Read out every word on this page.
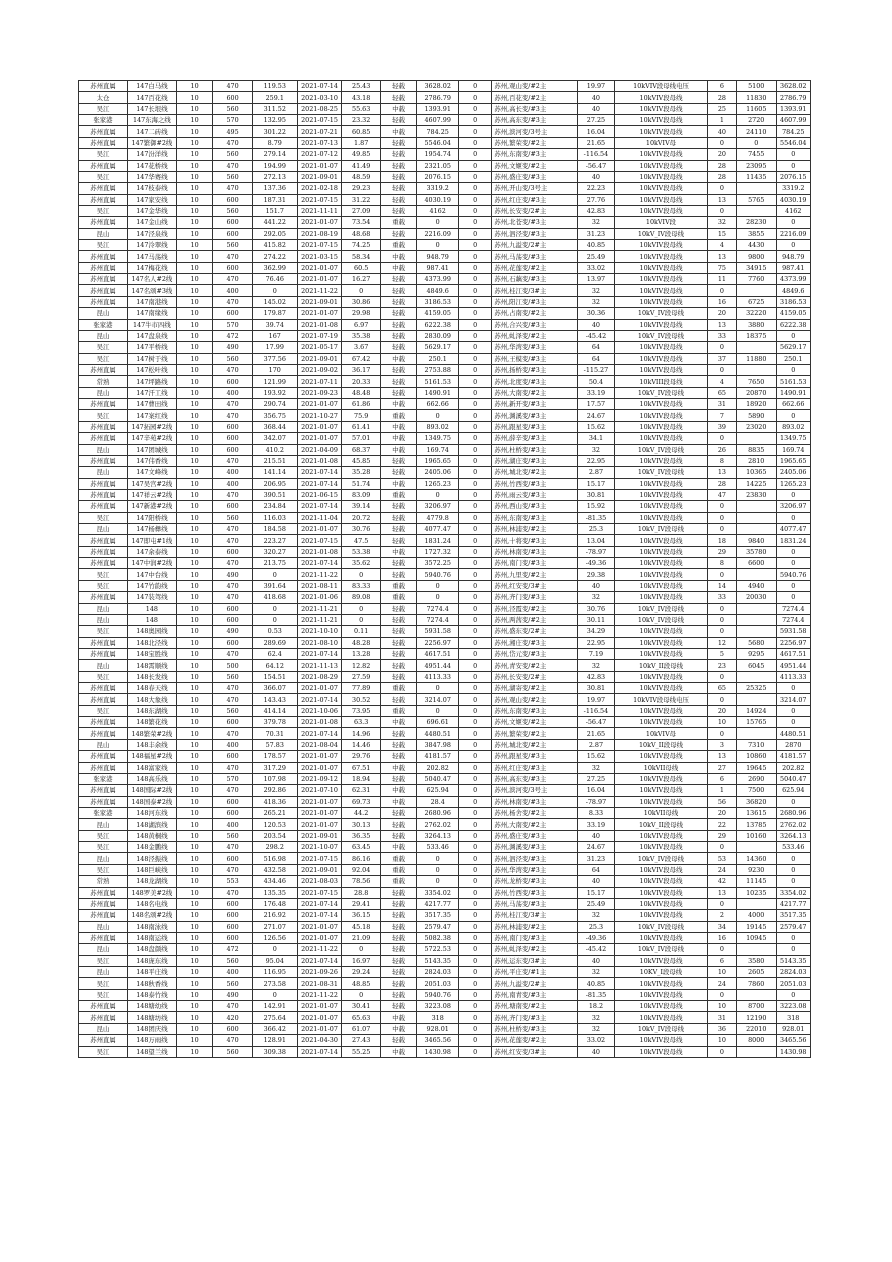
苏州直属	147白马线	10	470	119.53	2021-07-14	25.43	轻载	3628.02	0	苏州,观山变/#2主	19.97	10kVIV段母线电压	6	5100	3628.02
太仓	147百花线	10	600	259.1	2021-03-10	43.18	轻载	2786.79	0	苏州,百花变/#2主	40	10kVIV段母线	28	11830	2786.79
吴江	147长垠线	10	560	311.52	2021-08-25	55.63	中载	1393.91	0	苏州,高长变/#3主	40	10kVIV段母线	25	11605	1393.91
张家港	147东海之线	10	570	132.95	2021-07-15	23.32	轻载	4607.99	0	苏州,高东变/#3主	27.25	10kVIV段母线	1	2720	4607.99
苏州直属	147二砖线	10	495	301.22	2021-07-21	60.85	中载	784.25	0	苏州,滨河变/3号主	16.04	10kVIV段母线	40	24110	784.25
苏州直属	147繁御#2线	10	470	8.79	2021-07-13	1.87	轻载	5546.04	0	苏州,繁荣变/#2主	21.65	10kVIV母	0	0	5546.04
吴江	147汾洋线	10	560	279.14	2021-07-12	49.85	轻载	1954.74	0	苏州,东南变/#3主	-116.54	10kVIV段母线	20	7455	0
苏州直属	147花桥线	10	470	194.99	2021-01-07	41.49	轻载	2321.05	0	苏州,文姬变/#2主	-56.47	10kVIV段母线	28	23095	0
吴江	147华赛线	10	560	272.13	2021-09-01	48.59	轻载	2076.15	0	苏州,盛庄变/#3主	40	10kVIV段母线	28	11435	2076.15
苏州直属	147枝泰线	10	470	137.36	2021-02-18	29.23	轻载	3319.2	0	苏州,开山变/3号主	22.23	10kVIV段母线	0		3319.2
苏州直属	147家安线	10	600	187.31	2021-07-15	31.22	轻载	4030.19	0	苏州,红庄变/#3主	27.76	10kVIV段母线	13	5765	4030.19
吴江	147金华线	10	560	151.7	2021-11-11	27.09	轻载	4162	0	苏州,长安变/2#主	42.83	10kVIV段母线	0		4162
苏州直属	147金山线	10	600	441.22	2021-01-07	73.54	重载	0	0	苏州,北苍变/#3主	32	10kVIV段	32	28230	0
昆山	147泾泉线	10	600	292.05	2021-08-19	48.68	轻载	2216.09	0	苏州,泗泾变/#3主	31.23	10kV_IV段母线	15	3855	2216.09
吴江	147泠翠线	10	560	415.82	2021-07-15	74.25	重载	0	0	苏州,九溢变/2#主	40.85	10kVIV段母线	4	4430	0
苏州直属	147马荡线	10	470	274.22	2021-03-15	58.34	中载	948.79	0	苏州,马荡变/#3主	25.49	10kVIV段母线	13	9800	948.79
苏州直属	147梅花线	10	600	362.99	2021-01-07	60.5	中载	987.41	0	苏州,花莲变/#2主	33.02	10kVIV段母线	75	34915	987.41
苏州直属	147名人#2线	10	470	76.46	2021-01-07	16.27	轻载	4373.99	0	苏州,石藕变/#3主	13.97	10kVIV段母线	11	7760	4373.99
苏州直属	147名颂#3线	10	400	0	2021-11-22	0	轻载	4849.6	0	苏州,桂江变/3#主	32	10kVIV段母线	0		4849.6
苏州直属	147南港线	10	470	145.02	2021-09-01	30.86	轻载	3186.53	0	苏州,阳江变/#3主	32	10kVIV段母线	16	6725	3186.53
昆山	147南缘线	10	600	179.87	2021-01-07	29.98	轻载	4159.05	0	苏州,占南变/#2主	30.36	10kV_IV段母线	20	32220	4159.05
张家港	147牛市四线	10	570	39.74	2021-01-08	6.97	轻载	6222.38	0	苏州,合兴变/#3主	40	10kVIV段母线	13	3880	6222.38
昆山	147盘泉线	10	472	167	2021-07-19	35.38	轻载	2830.09	0	苏州,虬泽变/#2主	-45.42	10kV_IV段母线	33	18375	0
吴江	147平桥线	10	490	17.99	2021-05-17	3.67	轻载	5629.17	0	苏州,华湾变/#3主	64	10kVIV段母线	0		5629.17
吴江	147树于线	10	560	377.56	2021-09-01	67.42	中载	250.1	0	苏州,王模变/#3主	64	10kVIV段母线	37	11880	250.1
苏州直属	147松叶线	10	470	170	2021-09-02	36.17	轻载	2753.88	0	苏州,扬桥变/#3主	-115.27	10kVIV段母线	0		0
常熟	147坪路线	10	600	121.99	2021-07-11	20.33	轻载	5161.53	0	苏州,北度变/#3主	50.4	10kVIII段母线	4	7650	5161.53
昆山	147汗工线	10	400	193.92	2021-09-23	48.48	轻载	1490.91	0	苏州,大南变/#2主	33.19	10kV_IV段母线	65	20870	1490.91
苏州直属	147曹田线	10	470	290.74	2021-01-07	61.86	中载	662.66	0	苏州,新开变/#3主	17.57	10kVIV段母线	31	18920	662.66
吴江	147案红线	10	470	356.75	2021-10-27	75.9	重载	0	0	苏州,渊溪变/#3主	24.67	10kVIV段母线	7	5890	0
苏州直属	147拓园#2线	10	600	368.44	2021-01-07	61.41	中载	893.02	0	苏州,跟星变/#3主	15.62	10kVIV段母线	39	23020	893.02
苏州直属	147辛苑#2线	10	600	342.07	2021-01-07	57.01	中载	1349.75	0	苏州,薛辛变/#3主	34.1	10kVIV段母线	0		1349.75
昆山	147团城线	10	600	410.2	2021-04-09	68.37	中载	169.74	0	苏州,杜桥变/#3主	32	10kV_IV段母线	26	8835	169.74
苏州直属	147伟香线	10	470	215.51	2021-01-08	45.85	轻载	1965.65	0	苏州,湖庄变/#3主	22.95	10kVIV段母线	8	2810	1965.65
昆山	147文峰线	10	400	141.14	2021-07-14	35.28	轻载	2405.06	0	苏州,城北变/#2主	2.87	10kV_IV段母线	13	10365	2405.06
苏州直属	147吴宫#2线	10	400	206.95	2021-07-14	51.74	中载	1265.23	0	苏州,竹西变/#3主	15.17	10kVIV段母线	28	14225	1265.23
苏州直属	147祥云#2线	10	470	390.51	2021-06-15	83.09	重载	0	0	苏州,雨云变/#3主	30.81	10kVIV段母线	47	23830	0
苏州直属	147新港#2线	10	600	234.84	2021-07-14	39.14	轻载	3206.97	0	苏州,西山变/#3主	15.92	10kVIV段母线	0		3206.97
吴江	147阳桥线	10	560	116.03	2021-11-04	20.72	轻载	4779.8	0	苏州,东南变/#3主	-81.35	10kVIV段母线	0		0
昆山	147杨彝线	10	470	184.58	2021-01-07	30.76	轻载	4077.47	0	苏州,林浦变/#2主	25.3	10kV_IV段母线	0		4077.47
苏州直属	147即屯#1线	10	470	223.27	2021-07-15	47.5	轻载	1831.24	0	苏州,十将变/#3主	13.04	10kVIV段母线	18	9840	1831.24
苏州直属	147余泰线	10	600	320.27	2021-01-08	53.38	中载	1727.32	0	苏州,林南变/#3主	-78.97	10kVIV段母线	29	35780	0
苏州直属	147中润#2线	10	470	213.75	2021-07-14	35.62	轻载	3572.25	0	苏州,南门变/#3主	-49.36	10kVIV段母线	8	6600	0
吴江	147中台线	10	490	0	2021-11-22	0	轻载	5940.76	0	苏州,九里变/#2主	29.38	10kVIV段母线	0		5940.76
吴江	147竹韵线	10	470	391.64	2021-08-11	83.33	重载	0	0	苏州,红安变/3#主	40	10kVIV段母线	14	4940	0
苏州直属	147装驾线	10	470	418.68	2021-01-06	89.08	重载	0	0	苏州,齐门变/#3主	32	10kVIV段母线	33	20030	0
昆山	148	10	600	0	2021-11-21	0	轻载	7274.4	0	苏州,泾霞变/#2主	30.76	10kV_IV段母线	0		7274.4
昆山	148	10	600	0	2021-11-21	0	轻载	7274.4	0	苏州,两茜变/#2主	30.11	10kV_IV段母线	0		7274.4
吴江	148奥园线	10	490	0.53	2021-10-10	0.11	轻载	5931.58	0	苏州,盛东变/2#主	34.29	10kVIV段母线	0		5931.58
苏州直属	148北泾线	10	600	289.69	2021-08-10	48.28	轻载	2256.97	0	苏州,湘庄变/#3主	22.95	10kVIV段母线	12	5680	2256.97
苏州直属	148宝胜线	10	470	62.4	2021-07-14	13.28	轻载	4617.51	0	苏州,岱元变/#3主	7.19	10kVIV段母线	5	9295	4617.51
昆山	148霄顺线	10	500	64.12	2021-11-13	12.82	轻载	4951.44	0	苏州,青安变/#2主	32	10kV_II段母线	23	6045	4951.44
吴江	148长发线	10	560	154.51	2021-08-29	27.59	轻载	4113.33	0	苏州,长安变/2#主	42.83	10kVIV段母线	0		4113.33
苏州直属	148春天线	10	470	366.07	2021-01-07	77.89	重载	0	0	苏州,湖寄变/#2主	30.81	10kVIV段母线	65	25325	0
苏州直属	148大象线	10	470	143.43	2021-07-14	30.52	轻载	3214.07	0	苏州,观山变/#2主	19.97	10kVIV段母线电压	0		3214.07
吴江	148东湖线	10	560	414.14	2021-10-06	73.95	重载	0	0	苏州,东南变/#3主	-116.54	10kVIV段母线	20	14924	0
苏州直属	148繁花线	10	600	379.78	2021-01-08	63.3	中载	696.61	0	苏州,文姬变/#2主	-56.47	10kVIV段母线	10	15765	0
苏州直属	148繁荣#2线	10	470	70.31	2021-07-14	14.96	轻载	4480.51	0	苏州,繁荣变/#2主	21.65	10kVIV母	0		4480.51
昆山	148丰余线	10	400	57.83	2021-08-04	14.46	轻载	3847.98	0	苏州,城北变/#2主	2.87	10kV_II段母线	3	7310	2870
苏州直属	148福星#2线	10	600	178.57	2021-01-07	29.76	轻载	4181.57	0	苏州,跟星变/#3主	15.62	10kVIV段母线	13	10860	4181.57
苏州直属	148富家线	10	470	317.29	2021-01-07	67.51	中载	202.82	0	苏州,红庄变/#3主	32	10kVII母线	27	19645	202.82
张家港	148高乐线	10	570	107.98	2021-09-12	18.94	轻载	5040.47	0	苏州,高东变/#3主	27.25	10kVIV段母线	6	2690	5040.47
苏州直属	148国际#2线	10	470	292.86	2021-07-10	62.31	中载	625.94	0	苏州,滨河变/3号主	16.04	10kVIV段母线	1	7500	625.94
苏州直属	148国泰#2线	10	600	418.36	2021-01-07	69.73	中载	28.4	0	苏州,林南变/#3主	-78.97	10kVIV段母线	56	36820	0
张家港	148河东线	10	600	265.21	2021-01-07	44.2	轻载	2680.96	0	苏州,杨舍变/#2主	8.33	10kVII母线	20	13615	2680.96
昆山	148湖滨线	10	400	120.53	2021-01-07	30.13	轻载	2762.02	0	苏州,大南变/#2主	33.19	10kV_II段母线	22	13785	2762.02
吴江	148黄桐线	10	560	203.54	2021-09-01	36.35	轻载	3264.13	0	苏州,盛庄变/#3主	40	10kVIV段母线	29	10160	3264.13
吴江	148金鹏线	10	470	298.2	2021-10-07	63.45	中载	533.46	0	苏州,渊溪变/#3主	24.67	10kVIV段母线	0		533.46
昆山	148泾振线	10	600	516.98	2021-07-15	86.16	重载	0	0	苏州,泗泾变/#3主	31.23	10kV_IV段母线	53	14360	0
吴江	148巨峡线	10	470	432.58	2021-09-01	92.04	重载	0	0	苏州,华湾变/#3主	64	10kVIV段母线	24	9230	0
常熟	148龙湖线	10	553	434.46	2021-08-03	78.56	重载	0	0	苏州,龙桥变/#3主	40	10kVIV段母线	42	11145	0
苏州直属	148罗美#2线	10	470	135.35	2021-07-15	28.8	轻载	3354.02	0	苏州,竹西变/#3主	15.17	10kVIV段母线	13	10235	3354.02
苏州直属	148名电线	10	600	176.48	2021-07-14	29.41	轻载	4217.77	0	苏州,马荡变/#3主	25.49	10kVIV段母线	0		4217.77
苏州直属	148名颂#2线	10	600	216.92	2021-07-14	36.15	轻载	3517.35	0	苏州,桂江变/3#主	32	10kVIV段母线	2	4000	3517.35
昆山	148南泳线	10	600	271.07	2021-01-07	45.18	轻载	2579.47	0	苏州,林浦变/#2主	25.3	10kV_IV段母线	34	19145	2579.47
苏州直属	148南运线	10	600	126.56	2021-01-07	21.09	轻载	5082.38	0	苏州,南门变/#3主	-49.36	10kVIV段母线	16	10945	0
昆山	148盘颜线	10	472	0	2021-11-22	0	轻载	5722.53	0	苏州,虬泽变/#2主	-45.42	10kV_IV段母线	0		0
吴江	148庞东线	10	560	95.04	2021-07-14	16.97	轻载	5143.35	0	苏州,运东变/3#主	40	10kVIV段母线	6	3580	5143.35
昆山	148平庄线	10	400	116.95	2021-09-26	29.24	轻载	2824.03	0	苏州,平庄变/#1主	32	10KV_I段母线	10	2605	2824.03
吴江	148秋香线	10	560	273.58	2021-08-31	48.85	轻载	2051.03	0	苏州,九溢变/2#主	40.85	10kVIV段母线	24	7860	2051.03
吴江	148泰竹线	10	490	0	2021-11-22	0	轻载	5940.76	0	苏州,南青变/#3主	-81.35	10kVIV段母线	0		0
苏州直属	148塘幼线	10	470	142.91	2021-01-07	30.41	轻载	3223.08	0	苏州,塘南变/#2主	18.2	10kVIV段母线	10	8700	3223.08
苏州直属	148塘坊线	10	420	275.64	2021-01-07	65.63	中载	318	0	苏州,齐门变/#3主	32	10kVIV段母线	31	12190	318
昆山	148团庆线	10	600	366.42	2021-01-07	61.07	中载	928.01	0	苏州,杜桥变/#3主	32	10kV_IV段母线	36	22010	928.01
苏州直属	148万雨线	10	470	128.91	2021-04-30	27.43	轻载	3465.56	0	苏州,花莲变/#2主	33.02	10kVIV段母线	10	8000	3465.56
吴江	148望兰线	10	560	309.38	2021-07-14	55.25	中载	1430.98	0	苏州,红安变/3#主	40	10kVIV段母线	0		1430.98
